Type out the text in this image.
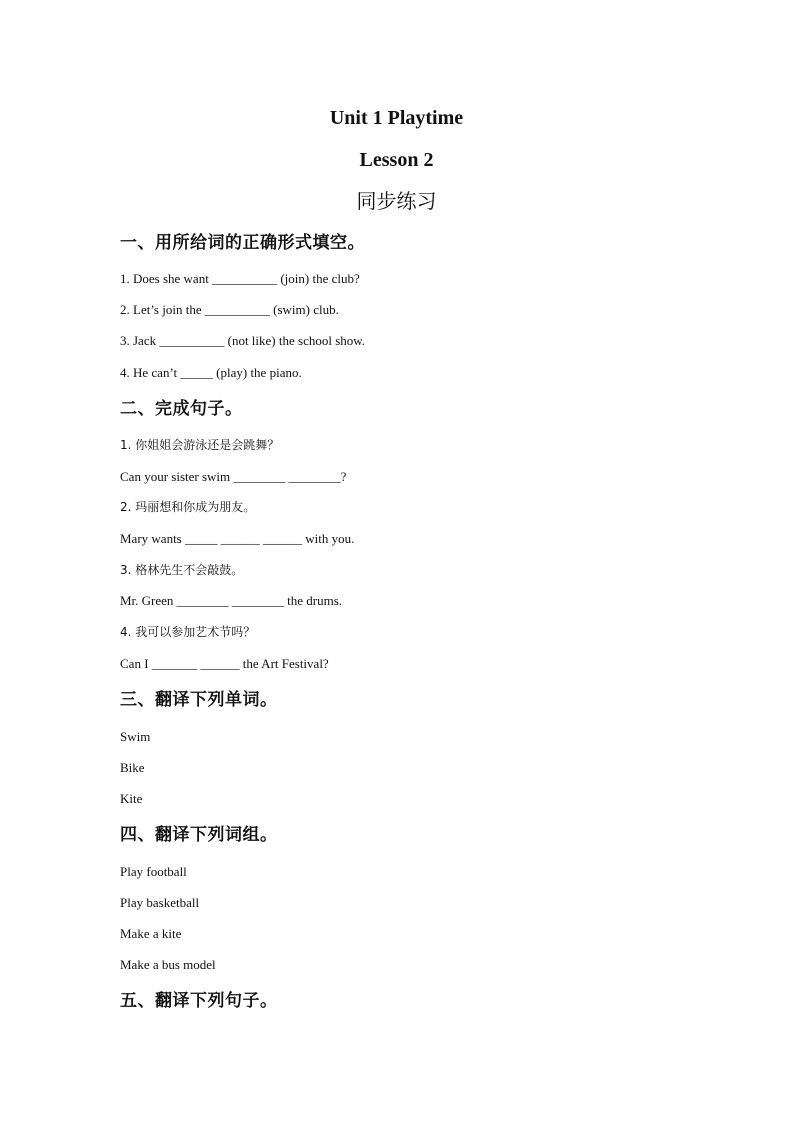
Unit 1 Playtime
Lesson 2
同步练习
一、用所给词的正确形式填空。
1. Does she want __________ (join) the club?
2. Let’s join the __________ (swim) club.
3. Jack __________ (not like) the school show.
4. He can’t _____ (play) the piano.
二、完成句子。
1. 你姐姐会游泳还是会跳舞？
Can your sister swim ________ ________?
2. 玛丽想和你成为朋友。
Mary wants _____ ______ ______ with you.
3. 格林先生不会敲鼓。
Mr. Green ________ ________ the drums.
4. 我可以参加艺术节吗？
Can I _______ ______ the Art Festival?
三、翻译下列单词。
Swim
Bike
Kite
四、翻译下列词组。
Play football
Play basketball
Make a kite
Make a bus model
五、翻译下列句子。
